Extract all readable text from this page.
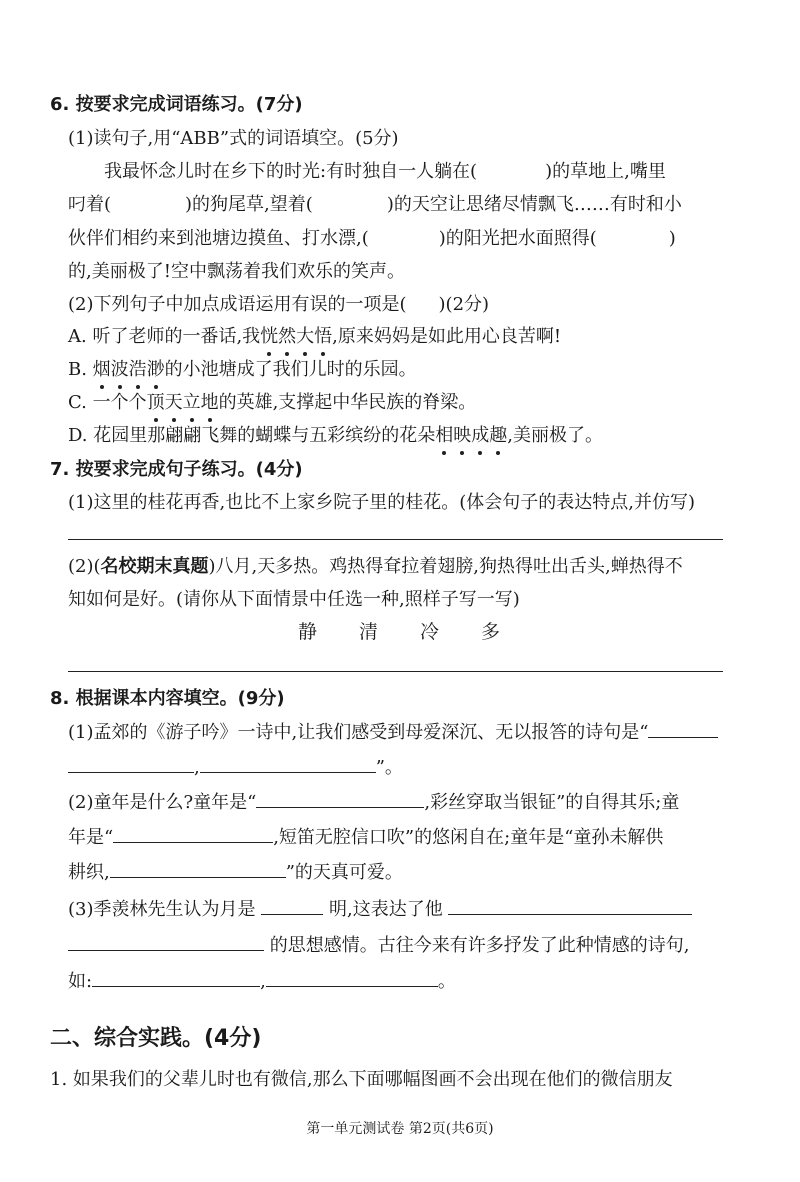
6. 按要求完成词语练习。(7分)
(1)读句子,用“ABB”式的词语填空。(5分)
我最怀念儿时在乡下的时光:有时独自一人躺在(	)的草地上,嘴里
叼着(	)的狗尾草,望着(	)的天空让思绪尽情飘飞……有时和小
伙伴们相约来到池塘边摸鱼、打水漂,(	)的阳光把水面照得(	)
的,美丽极了!空中飘荡着我们欢乐的笑声。
(2)下列句子中加点成语运用有误的一项是( )(2分)
A. 听了老师的一番话,我恍然大悟,原来妈妈是如此用心良苦啊!
B. 烟波浩渺的小池塘成了我们儿时的乐园。
C. 一个个顶天立地的英雄,支撑起中华民族的脊梁。
D. 花园里那翩翩飞舞的蝴蝶与五彩缤纷的花朵相映成趣,美丽极了。
7. 按要求完成句子练习。(4分)
(1)这里的桂花再香,也比不上家乡院子里的桂花。(体会句子的表达特点,并仿写)
(2)(名校期末真题)八月,天多热。鸡热得耷拉着翅膀,狗热得吐出舌头,蝉热得不
知如何是好。(请你从下面情景中任选一种,照样子写一写)
静 清 冷 多
8. 根据课本内容填空。(9分)
(1)孟郊的《游子吟》一诗中,让我们感受到母爱深沉、无以报答的诗句是“
,	”。
(2)童年是什么?童年是“	,彩丝穿取当银钲”的自得其乐;童
年是“	,短笛无腔信口吹”的悠闲自在;童年是“童孙未解供
耕织,	”的天真可爱。
(3)季羡林先生认为月是	明,这表达了他
的思想感情。古往今来有许多抒发了此种情感的诗句,
如:	,	。
二、综合实践。(4分)
1. 如果我们的父辈儿时也有微信,那么下面哪幅图画不会出现在他们的微信朋友
第一单元测试卷 第2页(共6页)
